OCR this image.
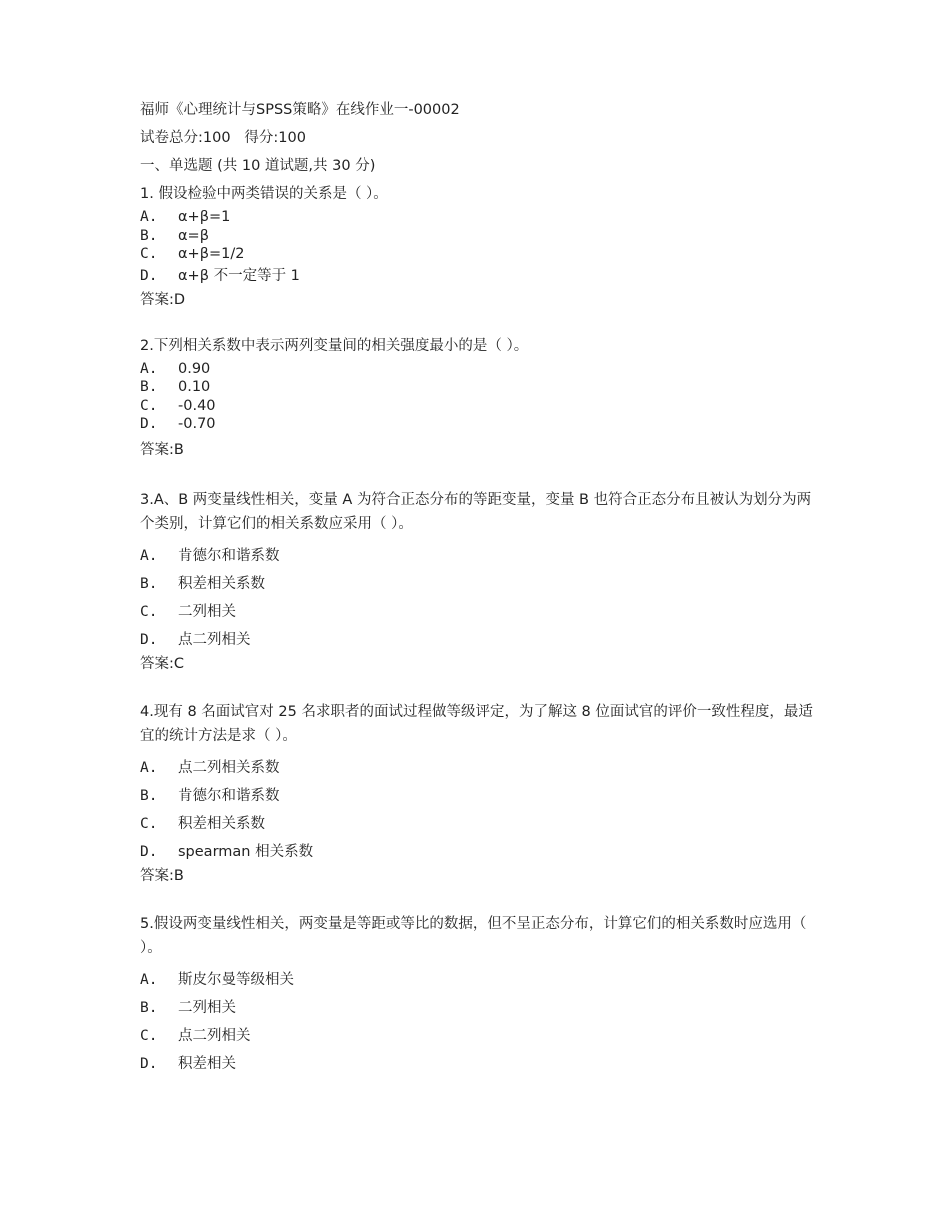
福师《心理统计与SPSS策略》在线作业一-00002
试卷总分:100   得分:100
一、单选题 (共 10 道试题,共 30 分)
1. 假设检验中两类错误的关系是（ ）。
A. α+β=1
B. α=β
C. α+β=1/2
D. α+β 不一定等于 1
答案:D
2.下列相关系数中表示两列变量间的相关强度最小的是（ ）。
A. 0.90
B. 0.10
C. -0.40
D. -0.70
答案:B
3.A、B 两变量线性相关，变量 A 为符合正态分布的等距变量，变量 B 也符合正态分布且被认为划分为两个类别，计算它们的相关系数应采用（ ）。
A. 肯德尔和谐系数
B. 积差相关系数
C. 二列相关
D. 点二列相关
答案:C
4.现有 8 名面试官对 25 名求职者的面试过程做等级评定，为了解这 8 位面试官的评价一致性程度，最适宜的统计方法是求（ ）。
A. 点二列相关系数
B. 肯德尔和谐系数
C. 积差相关系数
D. spearman 相关系数
答案:B
5.假设两变量线性相关，两变量是等距或等比的数据，但不呈正态分布，计算它们的相关系数时应选用（ ）。
A. 斯皮尔曼等级相关
B. 二列相关
C. 点二列相关
D. 积差相关
